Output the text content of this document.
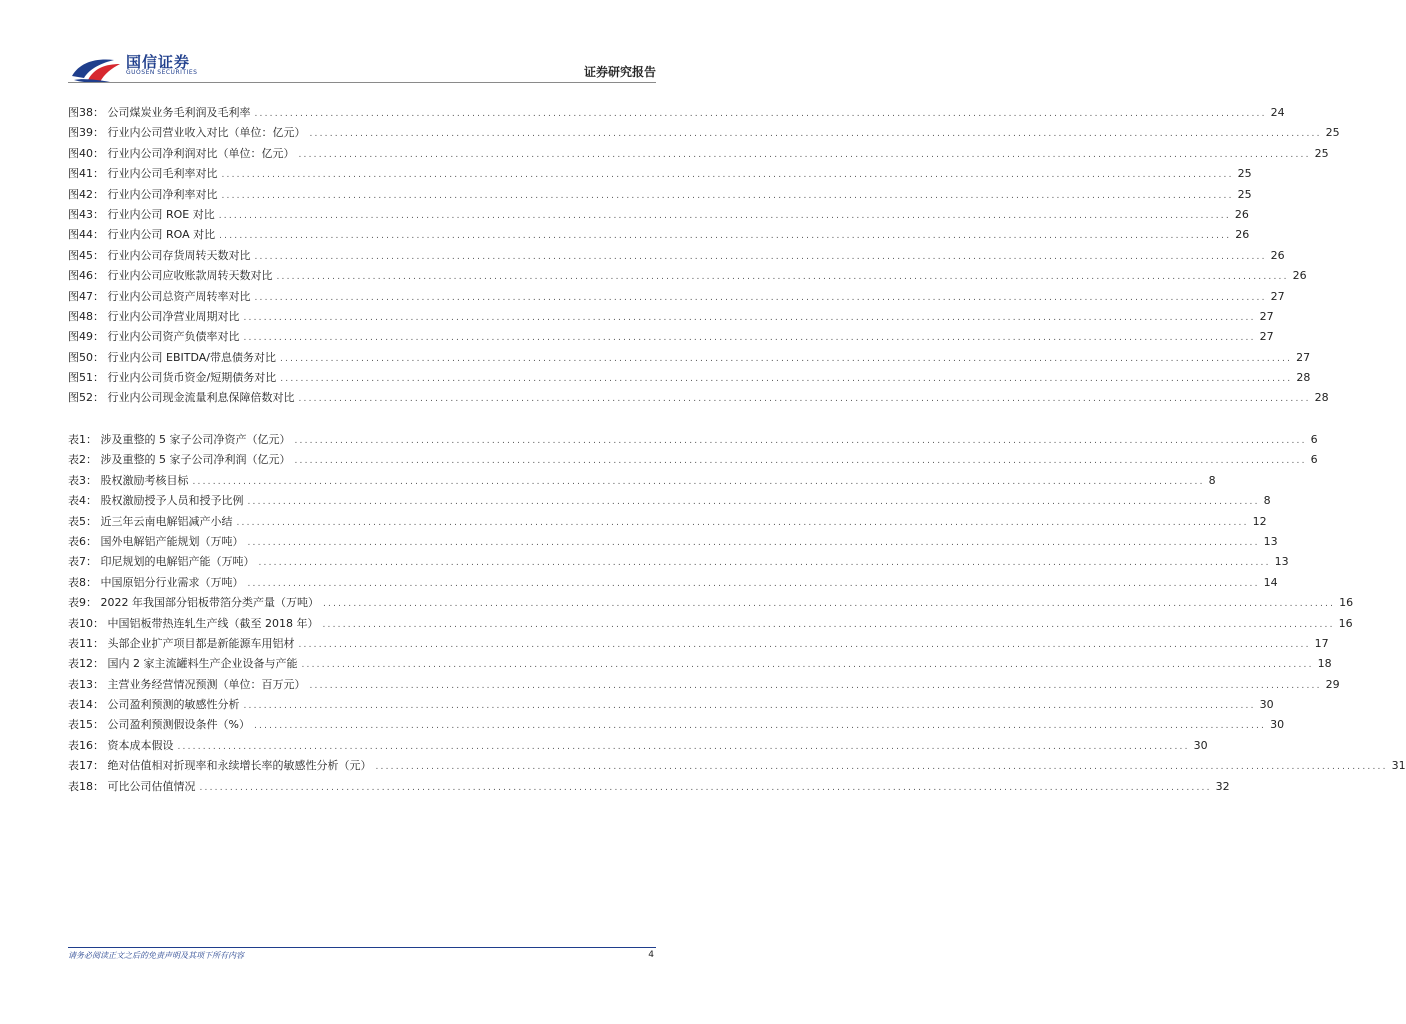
国信证券
GUOSEN SECURITIES	证券研究报告
图38： 公司煤炭业务毛利润及毛利率 ........................................................................................................................................................................................................ 24
图39： 行业内公司营业收入对比（单位：亿元） ........................................................................................................................................................................................................ 25
图40： 行业内公司净利润对比（单位：亿元） ........................................................................................................................................................................................................ 25
图41： 行业内公司毛利率对比 ........................................................................................................................................................................................................ 25
图42： 行业内公司净利率对比 ........................................................................................................................................................................................................ 25
图43： 行业内公司 ROE 对比 ........................................................................................................................................................................................................ 26
图44： 行业内公司 ROA 对比 ........................................................................................................................................................................................................ 26
图45： 行业内公司存货周转天数对比 ........................................................................................................................................................................................................ 26
图46： 行业内公司应收账款周转天数对比 ........................................................................................................................................................................................................ 26
图47： 行业内公司总资产周转率对比 ........................................................................................................................................................................................................ 27
图48： 行业内公司净营业周期对比 ........................................................................................................................................................................................................ 27
图49： 行业内公司资产负债率对比 ........................................................................................................................................................................................................ 27
图50： 行业内公司 EBITDA/带息债务对比 ........................................................................................................................................................................................................ 27
图51： 行业内公司货币资金/短期债务对比 ........................................................................................................................................................................................................ 28
图52： 行业内公司现金流量利息保障倍数对比 ........................................................................................................................................................................................................ 28
表1： 涉及重整的 5 家子公司净资产（亿元） ........................................................................................................................................................................................................ 6
表2： 涉及重整的 5 家子公司净利润（亿元） ........................................................................................................................................................................................................ 6
表3： 股权激励考核目标 ........................................................................................................................................................................................................ 8
表4： 股权激励授予人员和授予比例 ........................................................................................................................................................................................................ 8
表5： 近三年云南电解铝减产小结 ........................................................................................................................................................................................................ 12
表6： 国外电解铝产能规划（万吨） ........................................................................................................................................................................................................ 13
表7： 印尼规划的电解铝产能（万吨） ........................................................................................................................................................................................................ 13
表8： 中国原铝分行业需求（万吨） ........................................................................................................................................................................................................ 14
表9： 2022 年我国部分铝板带箔分类产量（万吨） ........................................................................................................................................................................................................ 16
表10： 中国铝板带热连轧生产线（截至 2018 年） ........................................................................................................................................................................................................ 16
表11： 头部企业扩产项目都是新能源车用铝材 ........................................................................................................................................................................................................ 17
表12： 国内 2 家主流罐料生产企业设备与产能 ........................................................................................................................................................................................................ 18
表13： 主营业务经营情况预测（单位：百万元） ........................................................................................................................................................................................................ 29
表14： 公司盈利预测的敏感性分析 ........................................................................................................................................................................................................ 30
表15： 公司盈利预测假设条件（%） ........................................................................................................................................................................................................ 30
表16： 资本成本假设 ........................................................................................................................................................................................................ 30
表17： 绝对估值相对折现率和永续增长率的敏感性分析（元） ........................................................................................................................................................................................................ 31
表18： 可比公司估值情况 ........................................................................................................................................................................................................ 32
请务必阅读正文之后的免责声明及其项下所有内容	4
